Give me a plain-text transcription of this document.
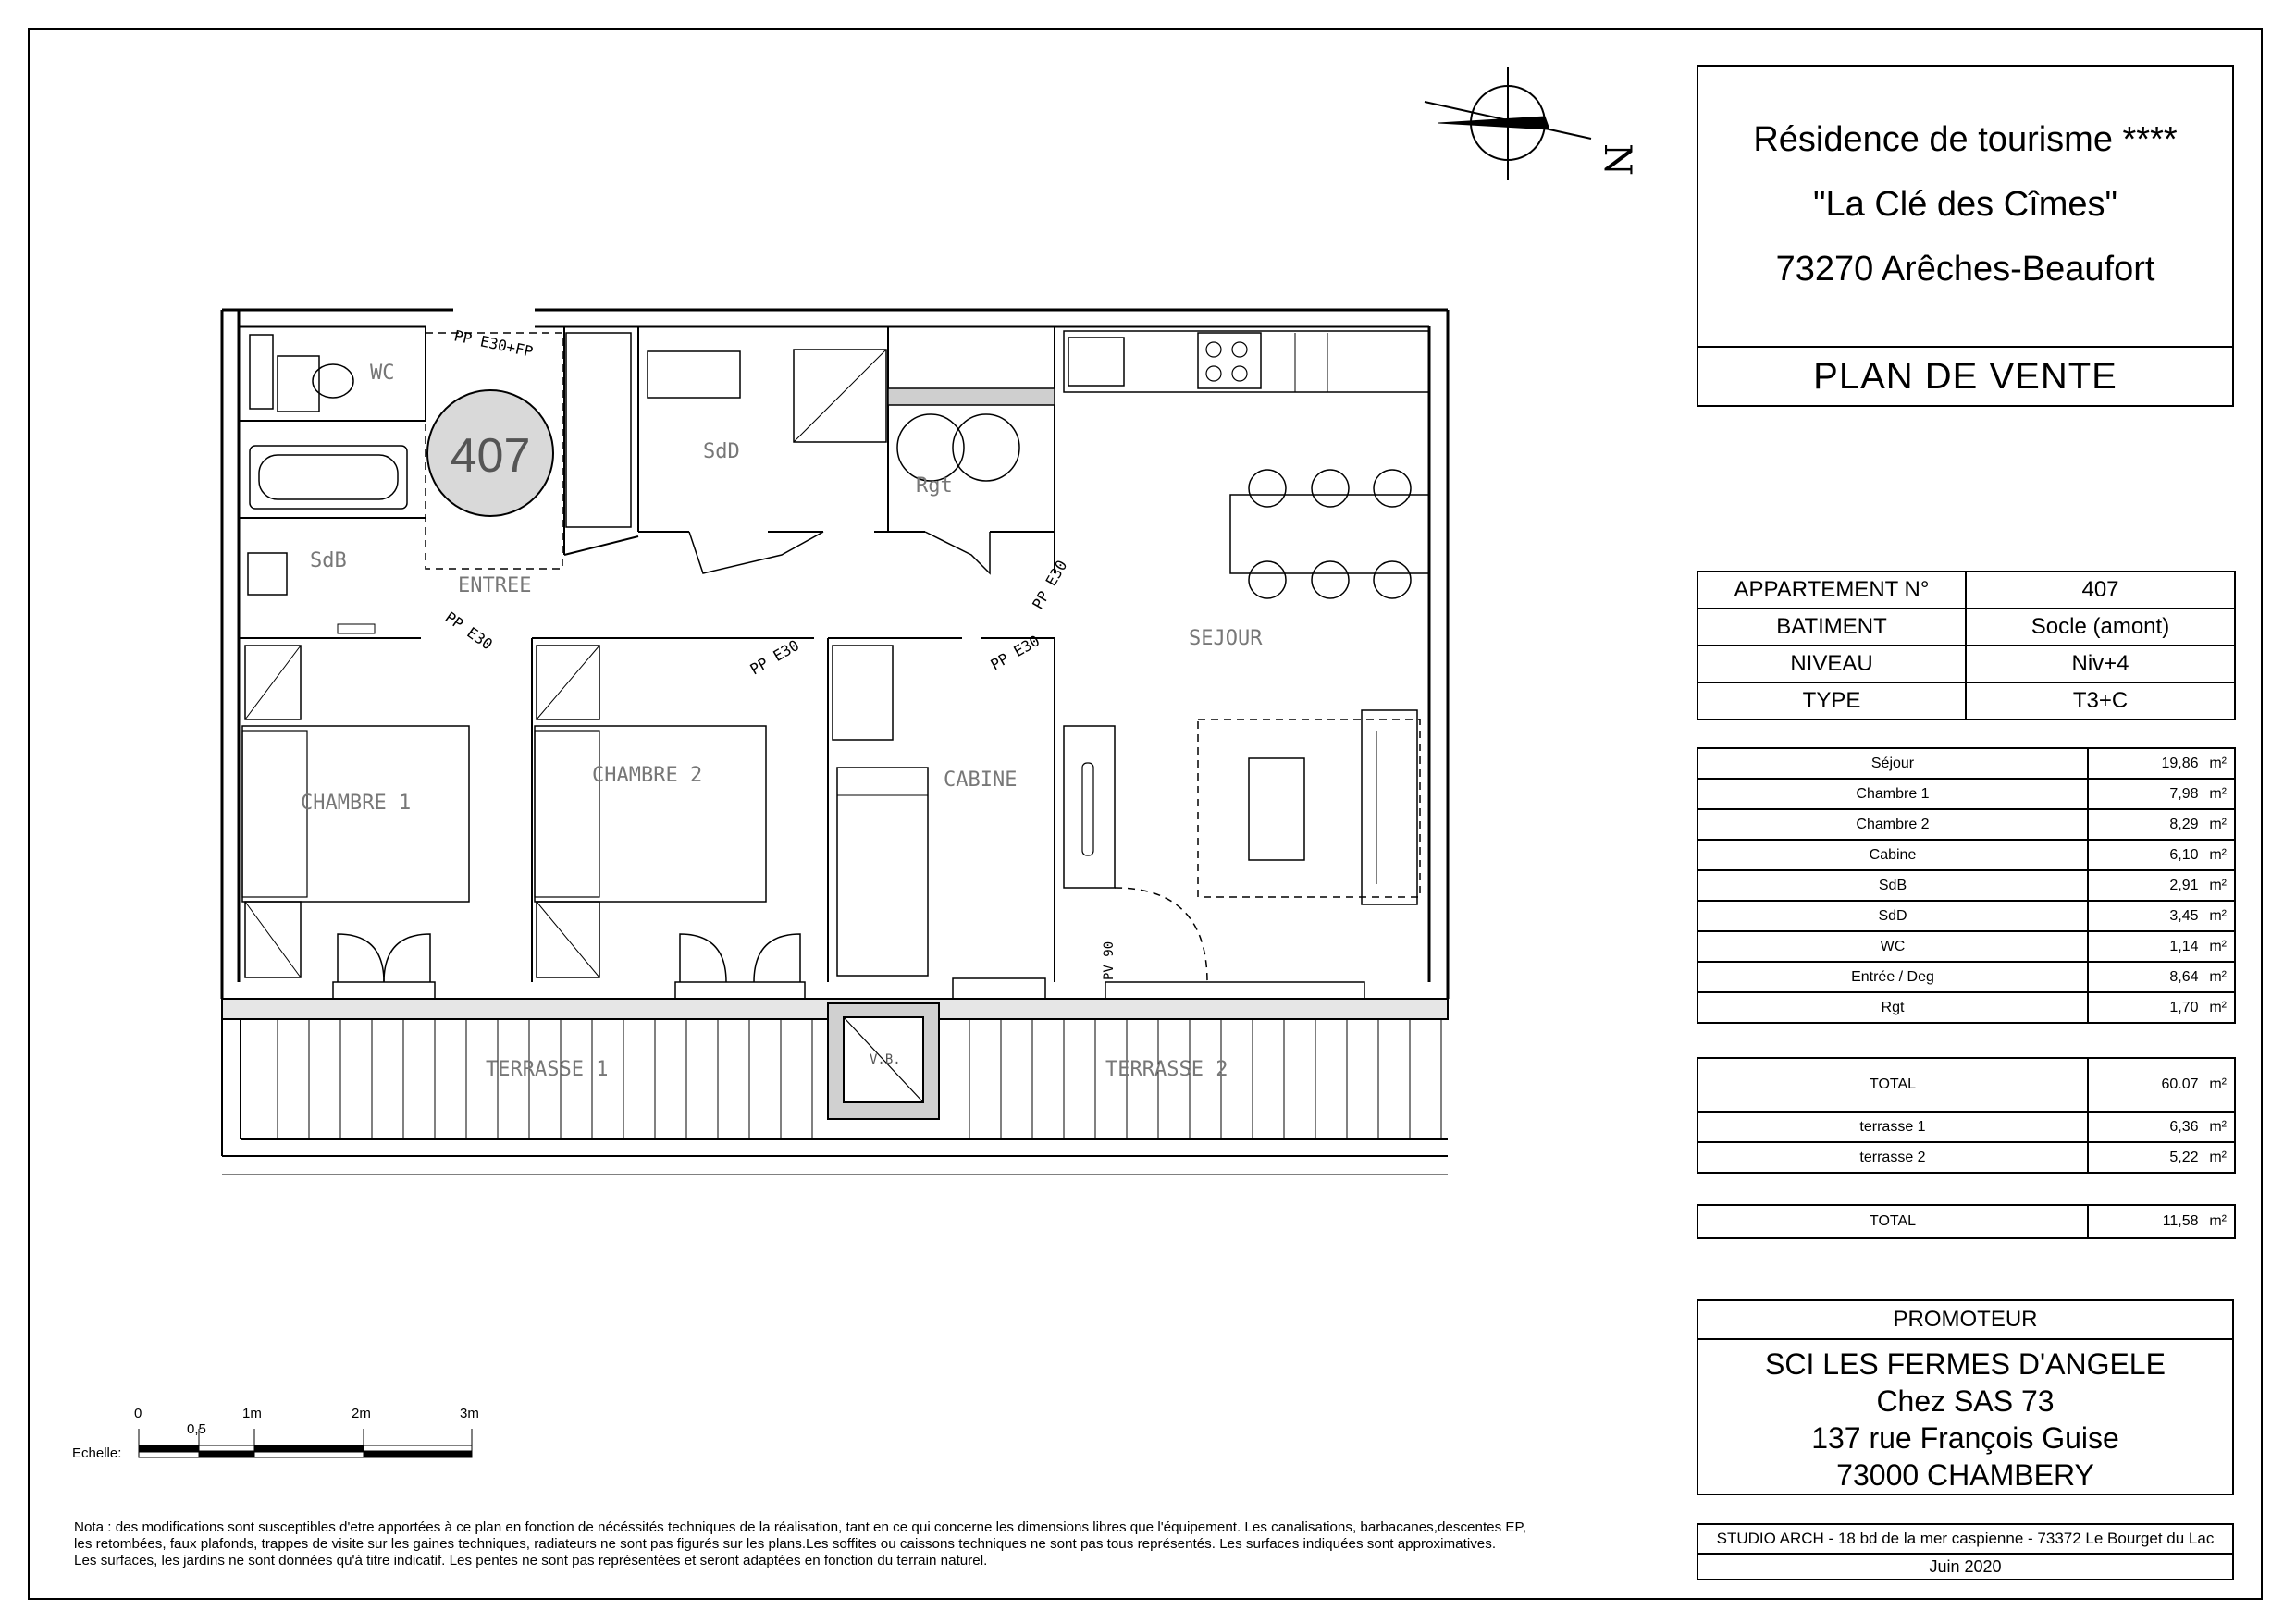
N
407
WC
SdB
SdD
Rgt
ENTREE
SEJOUR
CHAMBRE 1
CHAMBRE 2	CABINE
TERRASSE 1	TERRASSE 2
V.B.
PP E30+FP
PP E30
PP E30	PP E30
PP E30
PV 90
Résidence de tourisme ****
"La Clé des Cîmes"
73270 Arêches-Beaufort
PLAN DE VENTE
APPARTEMENT N°	407
BATIMENT	Socle (amont)
NIVEAU	Niv+4
TYPE	T3+C
Séjour	19,86 m²
Chambre 1	7,98 m²
Chambre 2	8,29 m²
Cabine	6,10 m²
SdB	2,91 m²
SdD	3,45 m²
WC	1,14 m²
Entrée / Deg	8,64 m²
Rgt	1,70 m²
TOTAL	60.07 m²
terrasse 1	6,36 m²
terrasse 2	5,22 m²
TOTAL	11,58 m²
PROMOTEUR
SCI LES FERMES D'ANGELE
Chez SAS 73
137 rue François Guise
73000 CHAMBERY
STUDIO ARCH - 18 bd de la mer caspienne - 73372 Le Bourget du Lac
Juin 2020
Echelle:
0
0,5
1m	2m	3m
Nota : des modifications sont susceptibles d'etre apportées à ce plan en fonction de nécéssités techniques de la réalisation, tant en ce qui concerne les dimensions libres que l'équipement. Les canalisations, barbacanes,descentes EP,
les retombées, faux plafonds, trappes de visite sur les gaines techniques, radiateurs ne sont pas figurés sur les plans.Les soffites ou caissons techniques ne sont pas tous représentés. Les surfaces indiquées sont approximatives.
Les surfaces, les jardins ne sont données qu'à titre indicatif. Les pentes ne sont pas représentées et seront adaptées en fonction du terrain naturel.
